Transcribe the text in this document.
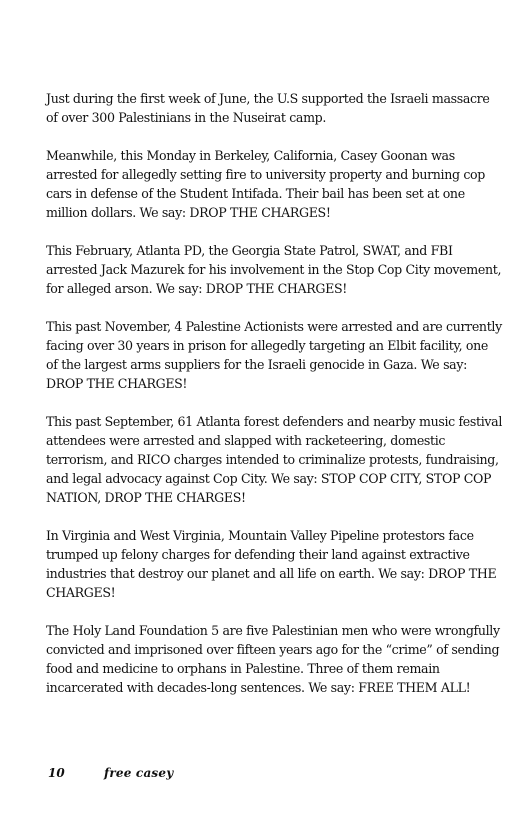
Just during the first week of June, the U.S supported the Israeli massacre of over 300 Palestinians in the Nuseirat camp.

Meanwhile, this Monday in Berkeley, California, Casey Goonan was arrested for allegedly setting fire to university property and burning cop cars in defense of the Student Intifada. Their bail has been set at one million dollars. We say: DROP THE CHARGES!

This February, Atlanta PD, the Georgia State Patrol, SWAT, and FBI arrested Jack Mazurek for his involvement in the Stop Cop City movement, for alleged arson. We say: DROP THE CHARGES!

This past November, 4 Palestine Actionists were arrested and are currently facing over 30 years in prison for allegedly targeting an Elbit facility, one of the largest arms suppliers for the Israeli genocide in Gaza. We say: DROP THE CHARGES!

This past September, 61 Atlanta forest defenders and nearby music festival attendees were arrested and slapped with racketeering, domestic terrorism, and RICO charges intended to criminalize protests, fundraising, and legal advocacy against Cop City. We say: STOP COP CITY, STOP COP NATION, DROP THE CHARGES!

In Virginia and West Virginia, Mountain Valley Pipeline protestors face trumped up felony charges for defending their land against extractive industries that destroy our planet and all life on earth. We say: DROP THE CHARGES!

The Holy Land Foundation 5 are five Palestinian men who were wrongfully convicted and imprisoned over fifteen years ago for the “crime” of sending food and medicine to orphans in Palestine. Three of them remain incarcerated with decades-long sentences. We say: FREE THEM ALL!

10	free casey
